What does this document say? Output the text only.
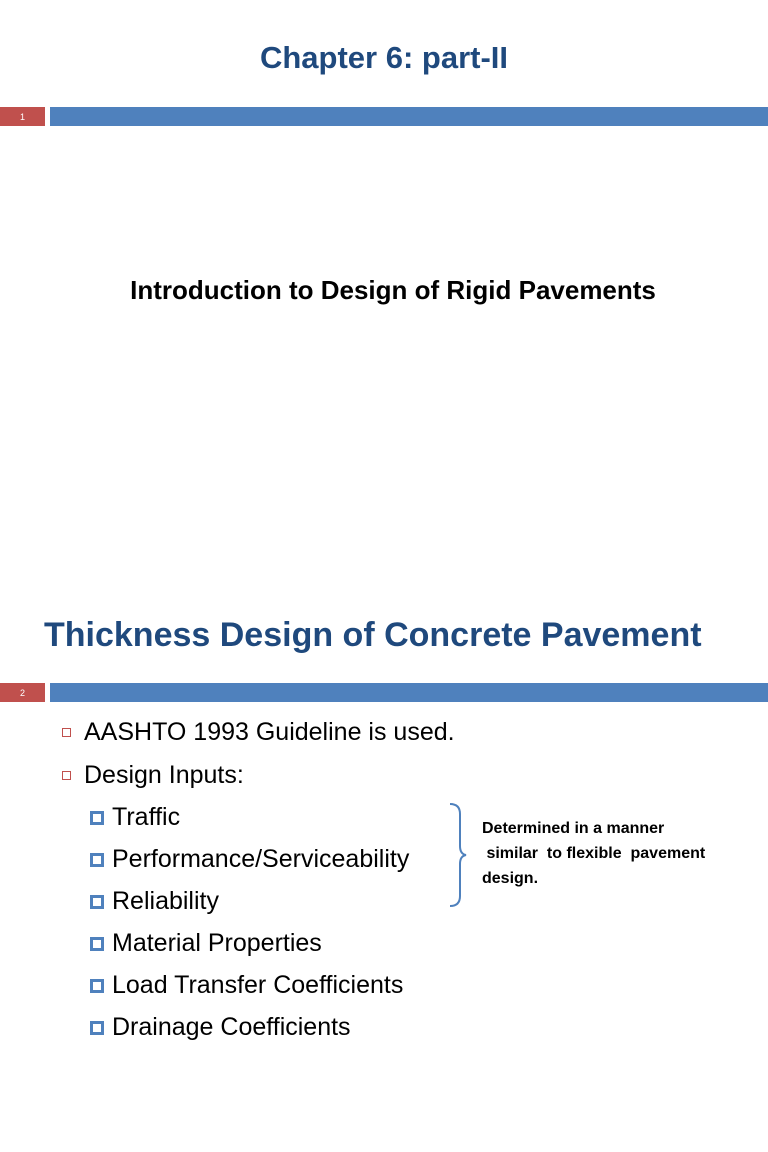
Chapter 6: part-II
1
Introduction to Design of Rigid Pavements
Thickness Design of Concrete Pavement
2
AASHTO 1993 Guideline is used.
Design Inputs:
Traffic
Performance/Serviceability
Reliability
Material Properties
Load Transfer Coefficients
Drainage Coefficients
Determined in a manner
similar  to flexible  pavement
design.
